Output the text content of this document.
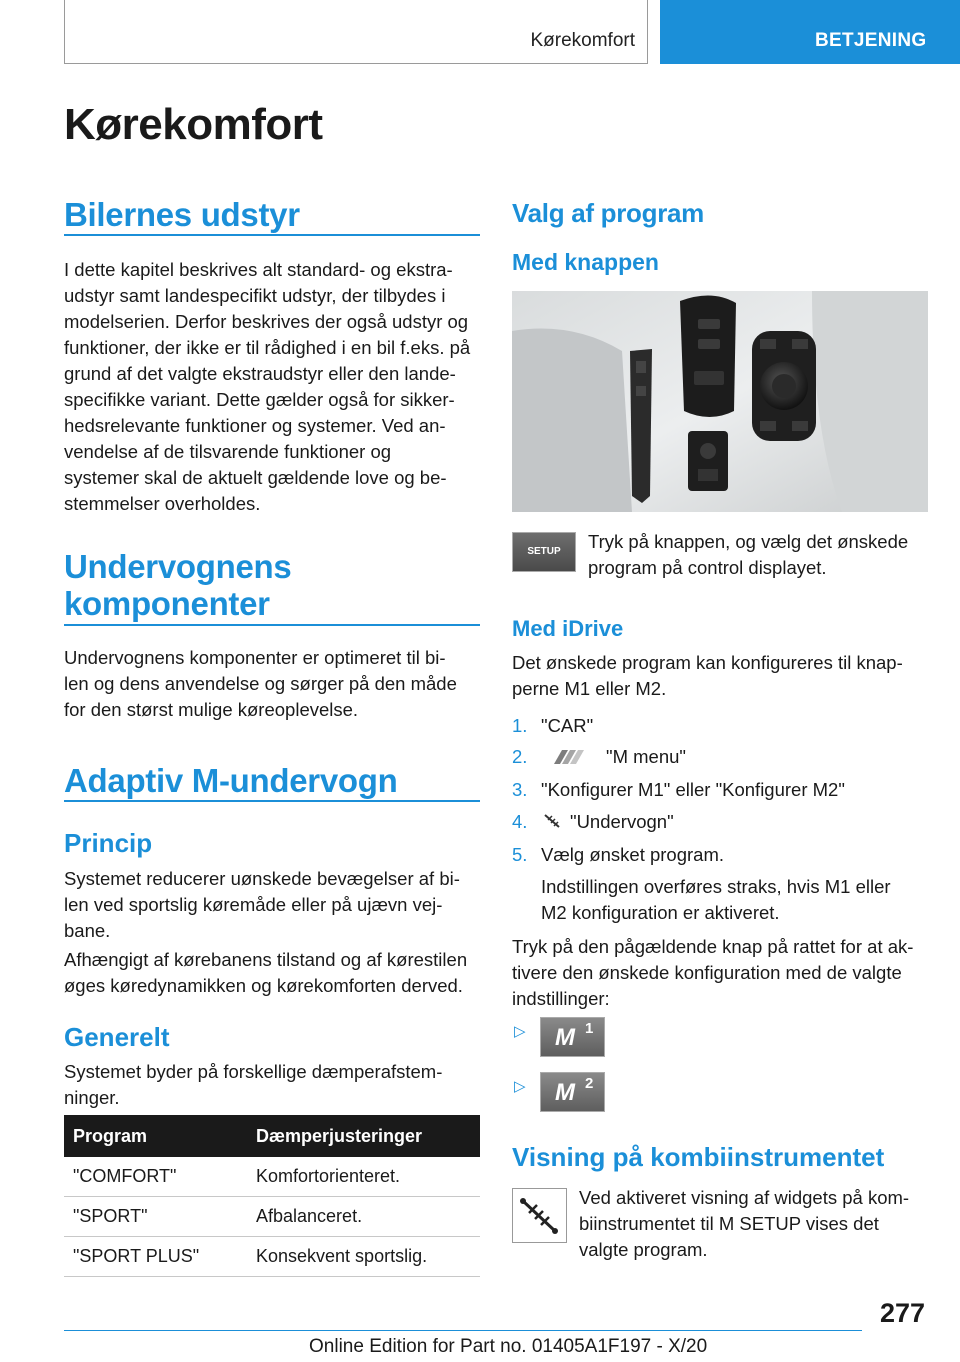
Kørekomfort	BETJENING
Kørekomfort
Bilernes udstyr
I dette kapitel beskrives alt standard- og ekstra-
udstyr samt landespecifikt udstyr, der tilbydes i
modelserien. Derfor beskrives der også udstyr og
funktioner, der ikke er til rådighed i en bil f.eks. på
grund af det valgte ekstraudstyr eller den lande-
specifikke variant. Dette gælder også for sikker-
hedsrelevante funktioner og systemer. Ved an-
vendelse af de tilsvarende funktioner og
systemer skal de aktuelt gældende love og be-
stemmelser overholdes.
Undervognens
komponenter
Undervognens komponenter er optimeret til bi-
len og dens anvendelse og sørger på den måde
for den størst mulige køreoplevelse.
Adaptiv M-undervogn
Princip
Systemet reducerer uønskede bevægelser af bi-
len ved sportslig køremåde eller på ujævn vej-
bane.
Afhængigt af kørebanens tilstand og af kørestilen
øges køredynamikken og kørekomforten derved.
Generelt
Systemet byder på forskellige dæmperafstem-
ninger.
Program	Dæmperjusteringer
"COMFORT"	Komfortorienteret.
"SPORT"	Afbalanceret.
"SPORT PLUS"	Konsekvent sportslig.
Valg af program
Med knappen
SETUP	Tryk på knappen, og vælg det ønskede
program på control displayet.
Med iDrive
Det ønskede program kan konfigureres til knap-
perne M1 eller M2.
1. "CAR"
2.	"M menu"
3. "Konfigurer M1" eller "Konfigurer M2"
4. "Undervogn"
5. Vælg ønsket program.
Indstillingen overføres straks, hvis M1 eller
M2 konfiguration er aktiveret.
Tryk på den pågældende knap på rattet for at ak-
tivere den ønskede konfiguration med de valgte
indstillinger:
▷ M 1
▷ M 2
Visning på kombiinstrumentet
Ved aktiveret visning af widgets på kom-
biinstrumentet til M SETUP vises det
valgte program.
277
Online Edition for Part no. 01405A1F197 - X/20
